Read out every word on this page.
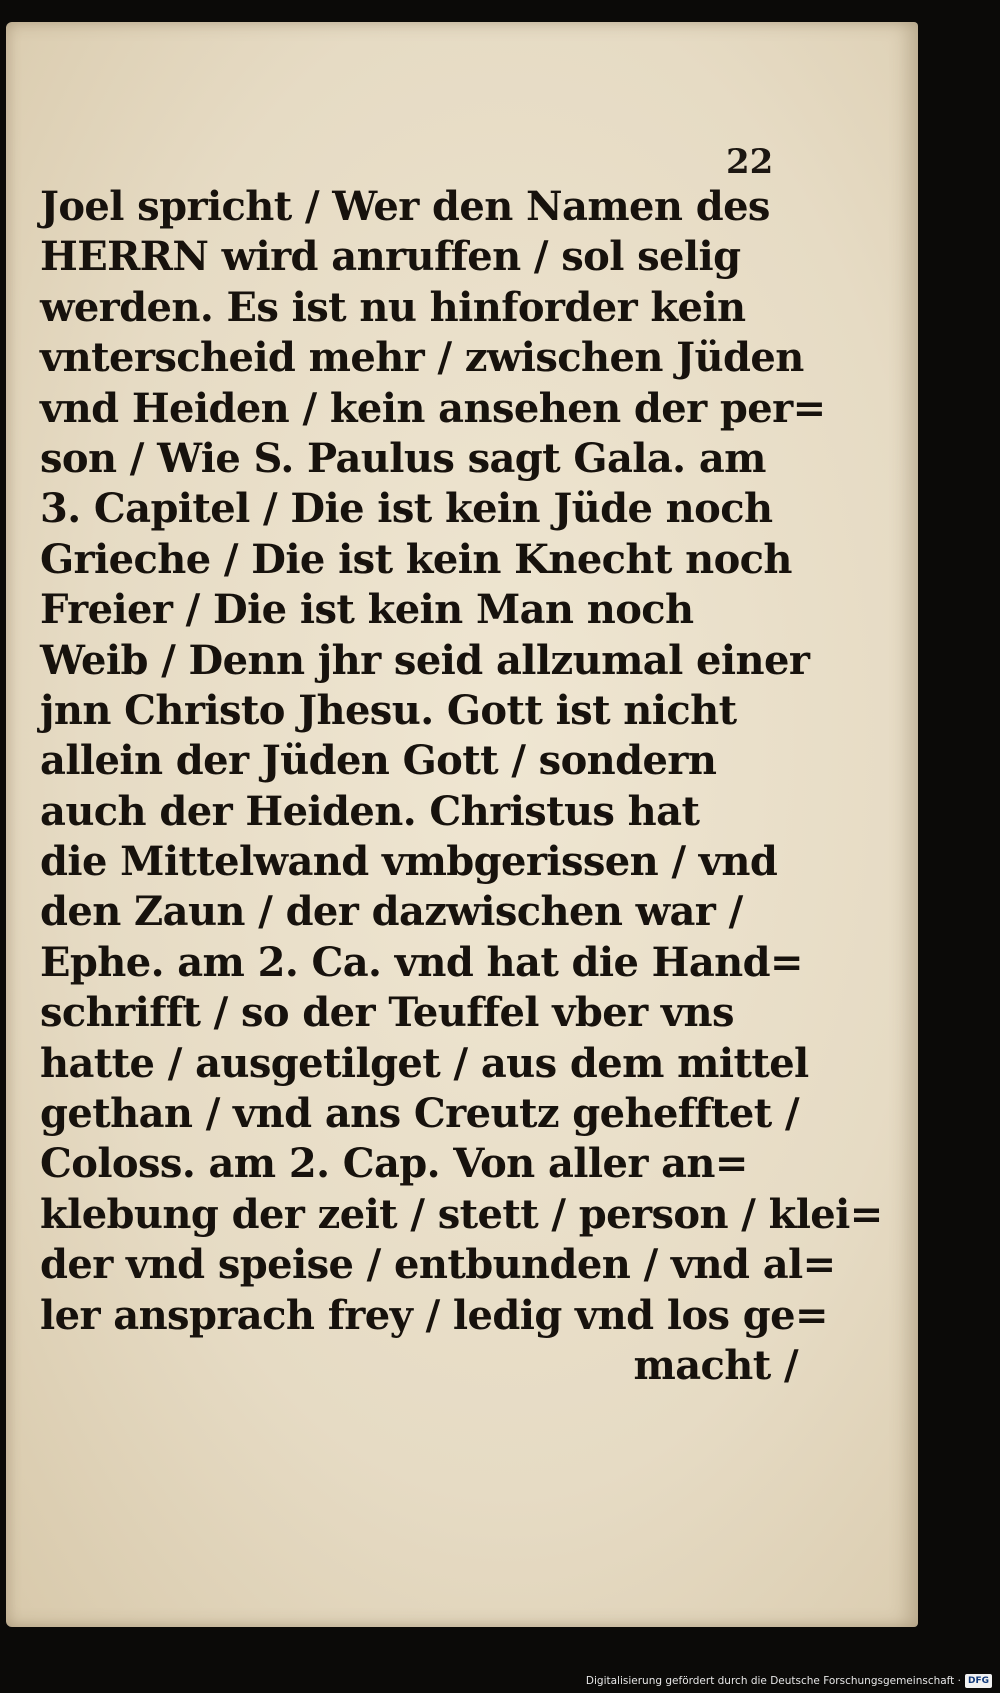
22
Joel spricht / Wer den Namen des
HERRN wird anruffen / sol selig
werden. Es ist nu hinforder kein
vnterscheid mehr / zwischen Jüden
vnd Heiden / kein ansehen der per=
son / Wie S. Paulus sagt Gala. am
3. Capitel / Die ist kein Jüde noch
Grieche / Die ist kein Knecht noch
Freier / Die ist kein Man noch
Weib / Denn jhr seid allzumal einer
jnn Christo Jhesu. Gott ist nicht
allein der Jüden Gott / sondern
auch der Heiden. Christus hat
die Mittelwand vmbgerissen / vnd
den Zaun / der dazwischen war /
Ephe. am 2. Ca. vnd hat die Hand=
schrifft / so der Teuffel vber vns
hatte / ausgetilget / aus dem mittel
gethan / vnd ans Creutz gehefftet /
Coloss. am 2. Cap. Von aller an=
klebung der zeit / stett / person / klei=
der vnd speise / entbunden / vnd al=
ler ansprach frey / ledig vnd los ge=
macht /
Digitalisierung gefördert durch die Deutsche Forschungsgemeinschaft · DFG
